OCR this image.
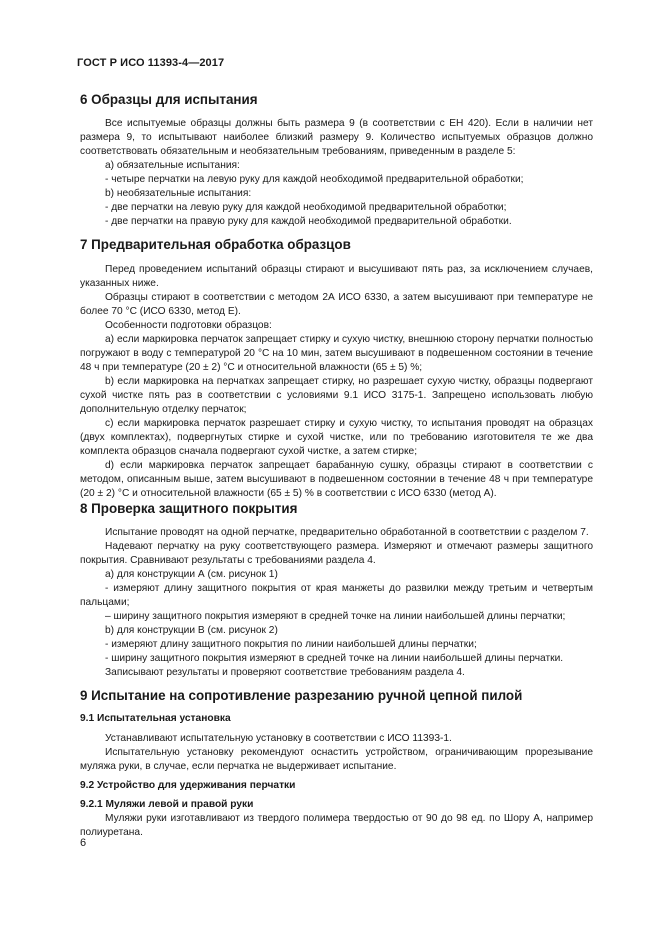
ГОСТ Р ИСО 11393-4—2017
6 Образцы для испытания

Все испытуемые образцы должны быть размера 9 (в соответствии с ЕН 420). Если в наличии нет размера 9, то испытывают наиболее близкий размеру 9. Количество испытуемых образцов должно соответствовать обязательным и необязательным требованиям, приведенным в разделе 5:

а) обязательные испытания:

- четыре перчатки на левую руку для каждой необходимой предварительной обработки;

b) необязательные испытания:

- две перчатки на левую руку для каждой необходимой предварительной обработки;

- две перчатки на правую руку для каждой необходимой предварительной обработки.

7 Предварительная обработка образцов

Перед проведением испытаний образцы стирают и высушивают пять раз, за исключением случаев, указанных ниже.

Образцы стирают в соответствии с методом 2А ИСО 6330, а затем высушивают при температуре не более 70 °С (ИСО 6330, метод Е).

Особенности подготовки образцов:

а) если маркировка перчаток запрещает стирку и сухую чистку, внешнюю сторону перчатки полностью погружают в воду с температурой 20 °С на 10 мин, затем высушивают в подвешенном состоянии в течение 48 ч при температуре (20 ± 2) °С и относительной влажности (65 ± 5) %;

b) если маркировка на перчатках запрещает стирку, но разрешает сухую чистку, образцы подвергают сухой чистке пять раз в соответствии с условиями 9.1 ИСО 3175-1. Запрещено использовать любую дополнительную отделку перчаток;

с) если маркировка перчаток разрешает стирку и сухую чистку, то испытания проводят на образцах (двух комплектах), подвергнутых стирке и сухой чистке, или по требованию изготовителя те же два комплекта образцов сначала подвергают сухой чистке, а затем стирке;

d) если маркировка перчаток запрещает барабанную сушку, образцы стирают в соответствии с методом, описанным выше, затем высушивают в подвешенном состоянии в течение 48 ч при температуре (20 ± 2) °С и относительной влажности (65 ± 5) % в соответствии с ИСО 6330 (метод А).

8 Проверка защитного покрытия

Испытание проводят на одной перчатке, предварительно обработанной в соответствии с разделом 7.

Надевают перчатку на руку соответствующего размера. Измеряют и отмечают размеры защитного покрытия. Сравнивают результаты с требованиями раздела 4.

а) для конструкции А (см. рисунок 1)

- измеряют длину защитного покрытия от края манжеты до развилки между третьим и четвертым пальцами;

– ширину защитного покрытия измеряют в средней точке на линии наибольшей длины перчатки;

b) для конструкции В (см. рисунок 2)

- измеряют длину защитного покрытия по линии наибольшей длины перчатки;

- ширину защитного покрытия измеряют в средней точке на линии наибольшей длины перчатки.

Записывают результаты и проверяют соответствие требованиям раздела 4.

9 Испытание на сопротивление разрезанию ручной цепной пилой
9.1 Испытательная установка

Устанавливают испытательную установку в соответствии с ИСО 11393-1.

Испытательную установку рекомендуют оснастить устройством, ограничивающим прорезывание муляжа руки, в случае, если перчатка не выдерживает испытание.

9.2 Устройство для удерживания перчатки
9.2.1 Муляжи левой и правой руки

Муляжи руки изготавливают из твердого полимера твердостью от 90 до 98 ед. по Шору А, например полиуретана.

6
